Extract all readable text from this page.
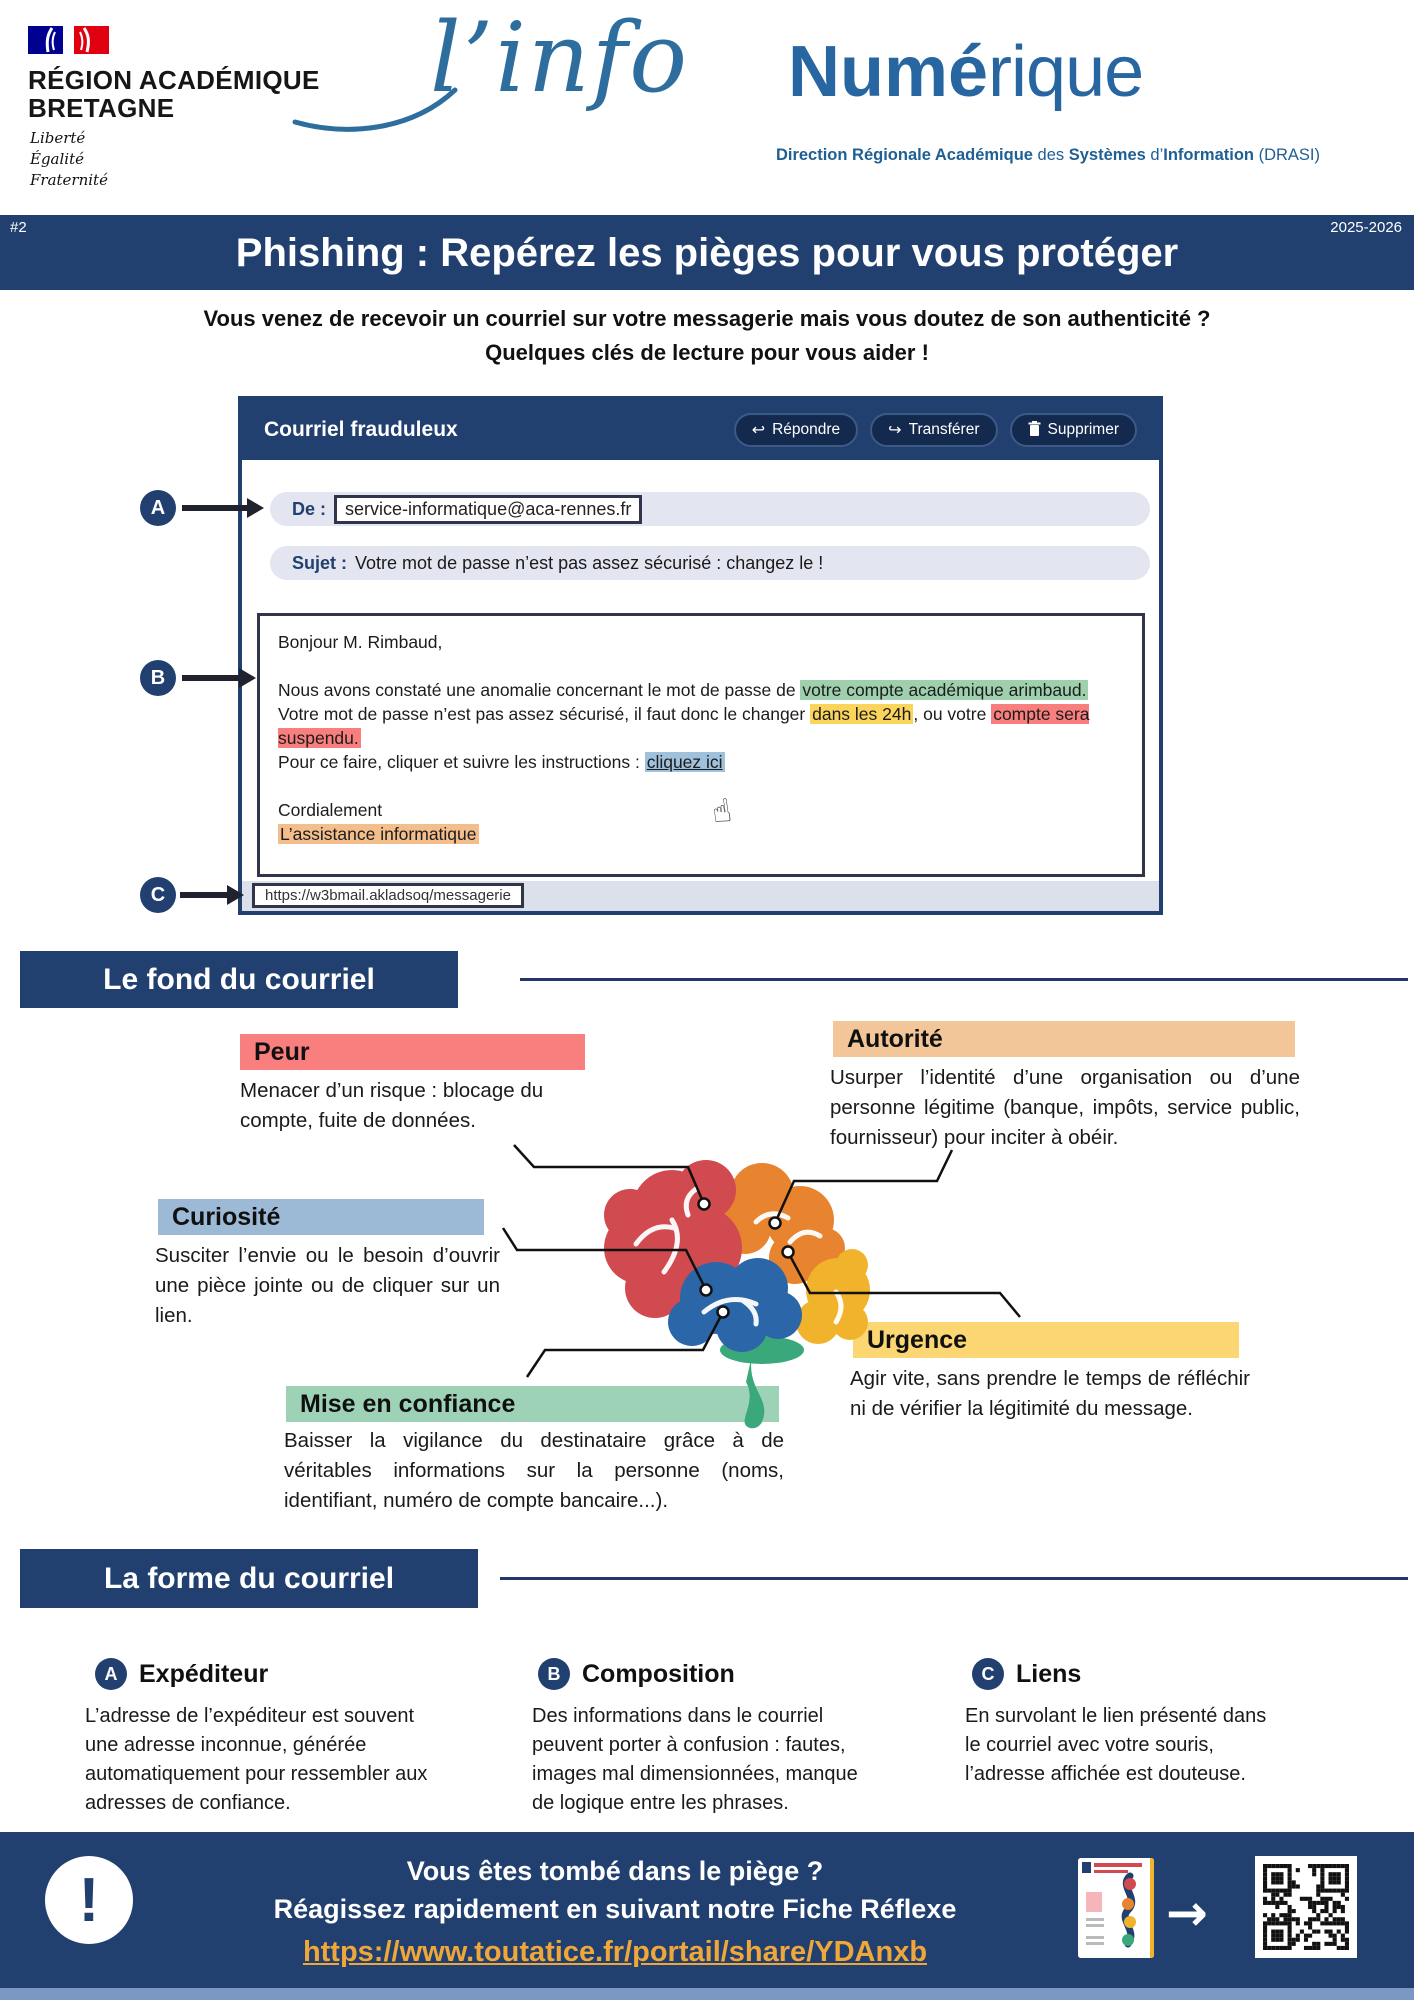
RÉGION ACADÉMIQUE
BRETAGNE
Liberté
Égalité
Fraternité
l’info Numérique
Direction Régionale Académique des Systèmes d’Information (DRASI)
#2	2025-2026
Phishing : Repérez les pièges pour vous protéger
Vous venez de recevoir un courriel sur votre messagerie mais vous doutez de son authenticité ?
Quelques clés de lecture pour vous aider !
Courriel frauduleux	↩ Répondre	↪ Transférer	Supprimer
De :	service-informatique@aca-rennes.fr
Sujet : Votre mot de passe n’est pas assez sécurisé : changez le !
Bonjour M. Rimbaud,

Nous avons constaté une anomalie concernant le mot de passe de votre compte académique arimbaud.
Votre mot de passe n’est pas assez sécurisé, il faut donc le changer dans les 24h , ou votre compte sera suspendu.
Pour ce faire, cliquer et suivre les instructions : cliquez ici

Cordialement
L’assistance informatique
https://w3bmail.akladsoq/messagerie
☝
A
B
C
Le fond du courriel
Peur
Menacer d’un risque : blocage du compte, fuite de données.
Autorité
Usurper l’identité d’une organisation ou d’une personne légitime (banque, impôts, service public, fournisseur) pour inciter à obéir.
Curiosité
Susciter l’envie ou le besoin d’ouvrir une pièce jointe ou de cliquer sur un lien.
Mise en confiance
Baisser la vigilance du destinataire grâce à de véritables informations sur la personne (noms, identifiant, numéro de compte bancaire...).
Urgence
Agir vite, sans prendre le temps de réfléchir ni de vérifier la légitimité du message.
La forme du courriel
A Expéditeur
L’adresse de l’expéditeur est souvent une adresse inconnue, générée automatiquement pour ressembler aux adresses de confiance.
B Composition
Des informations dans le courriel peuvent porter à confusion : fautes, images mal dimensionnées, manque de logique entre les phrases.
C Liens
En survolant le lien présenté dans le courriel avec votre souris, l’adresse affichée est douteuse.
!	Vous êtes tombé dans le piège ?
Réagissez rapidement en suivant notre Fiche Réflexe
https://www.toutatice.fr/portail/share/YDAnxb
→
